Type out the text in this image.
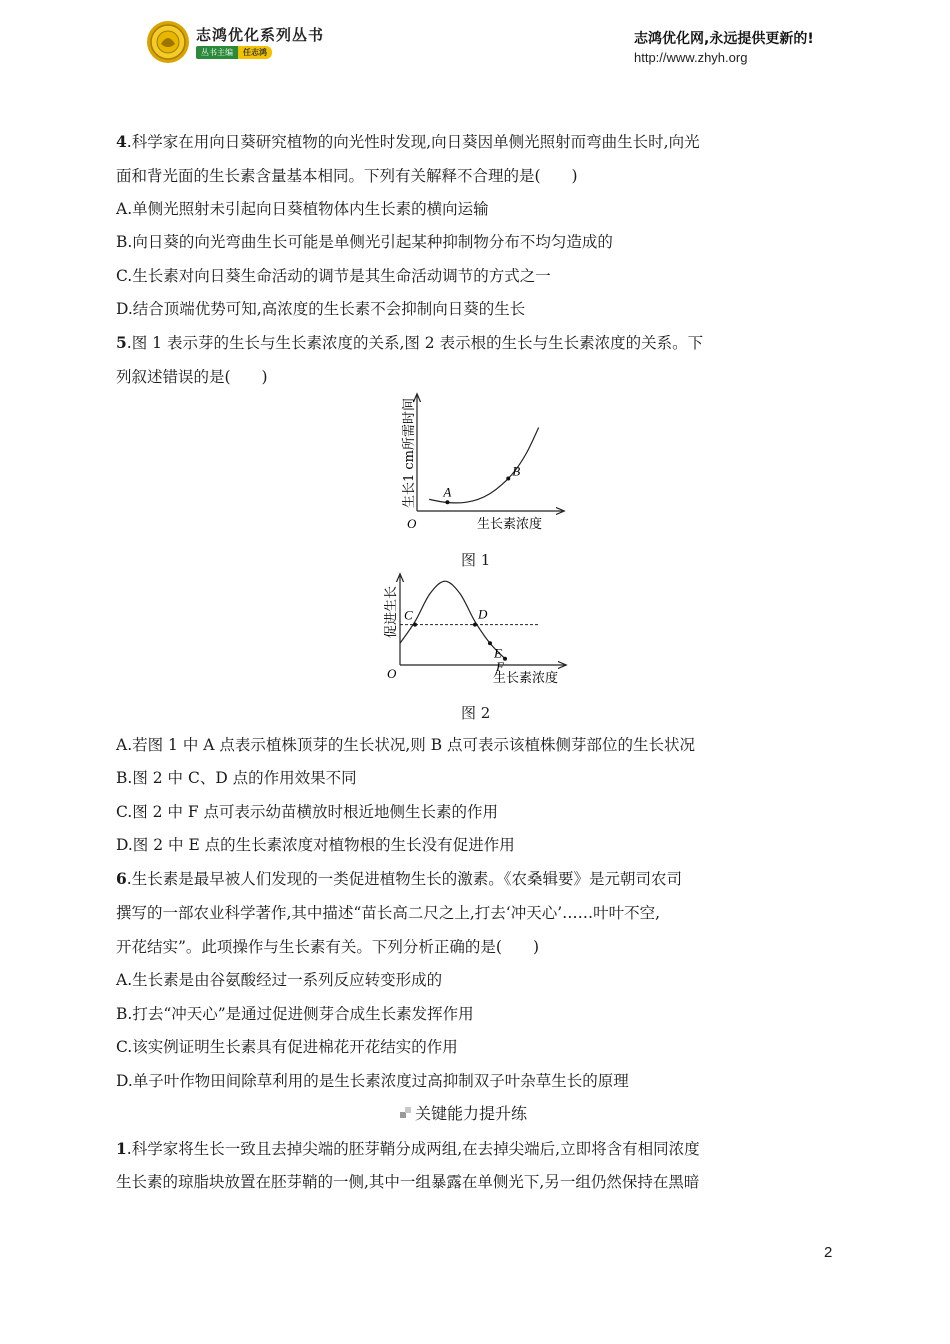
志鸿优化系列丛书
丛书主编	任志鸿
志鸿优化网,永远提供更新的!
http://www.zhyh.org
4.科学家在用向日葵研究植物的向光性时发现,向日葵因单侧光照射而弯曲生长时,向光
面和背光面的生长素含量基本相同。下列有关解释不合理的是(　　)
A.单侧光照射未引起向日葵植物体内生长素的横向运输
B.向日葵的向光弯曲生长可能是单侧光引起某种抑制物分布不均匀造成的
C.生长素对向日葵生命活动的调节是其生命活动调节的方式之一
D.结合顶端优势可知,高浓度的生长素不会抑制向日葵的生长
5.图 1 表示芽的生长与生长素浓度的关系,图 2 表示根的生长与生长素浓度的关系。下
列叙述错误的是(　　)
A
B
O	生长素浓度
生长1 cm所需时间
图 1
C	D
E
F
O	生长素浓度
促进生长
图 2
A.若图 1 中 A 点表示植株顶芽的生长状况,则 B 点可表示该植株侧芽部位的生长状况
B.图 2 中 C、D 点的作用效果不同
C.图 2 中 F 点可表示幼苗横放时根近地侧生长素的作用
D.图 2 中 E 点的生长素浓度对植物根的生长没有促进作用
6.生长素是最早被人们发现的一类促进植物生长的激素。《农桑辑要》是元朝司农司
撰写的一部农业科学著作,其中描述“苗长高二尺之上,打去‘冲天心’……叶叶不空,
开花结实”。此项操作与生长素有关。下列分析正确的是(　　)
A.生长素是由谷氨酸经过一系列反应转变形成的
B.打去“冲天心”是通过促进侧芽合成生长素发挥作用
C.该实例证明生长素具有促进棉花开花结实的作用
D.单子叶作物田间除草利用的是生长素浓度过高抑制双子叶杂草生长的原理
关键能力提升练
1.科学家将生长一致且去掉尖端的胚芽鞘分成两组,在去掉尖端后,立即将含有相同浓度
生长素的琼脂块放置在胚芽鞘的一侧,其中一组暴露在单侧光下,另一组仍然保持在黑暗
2
